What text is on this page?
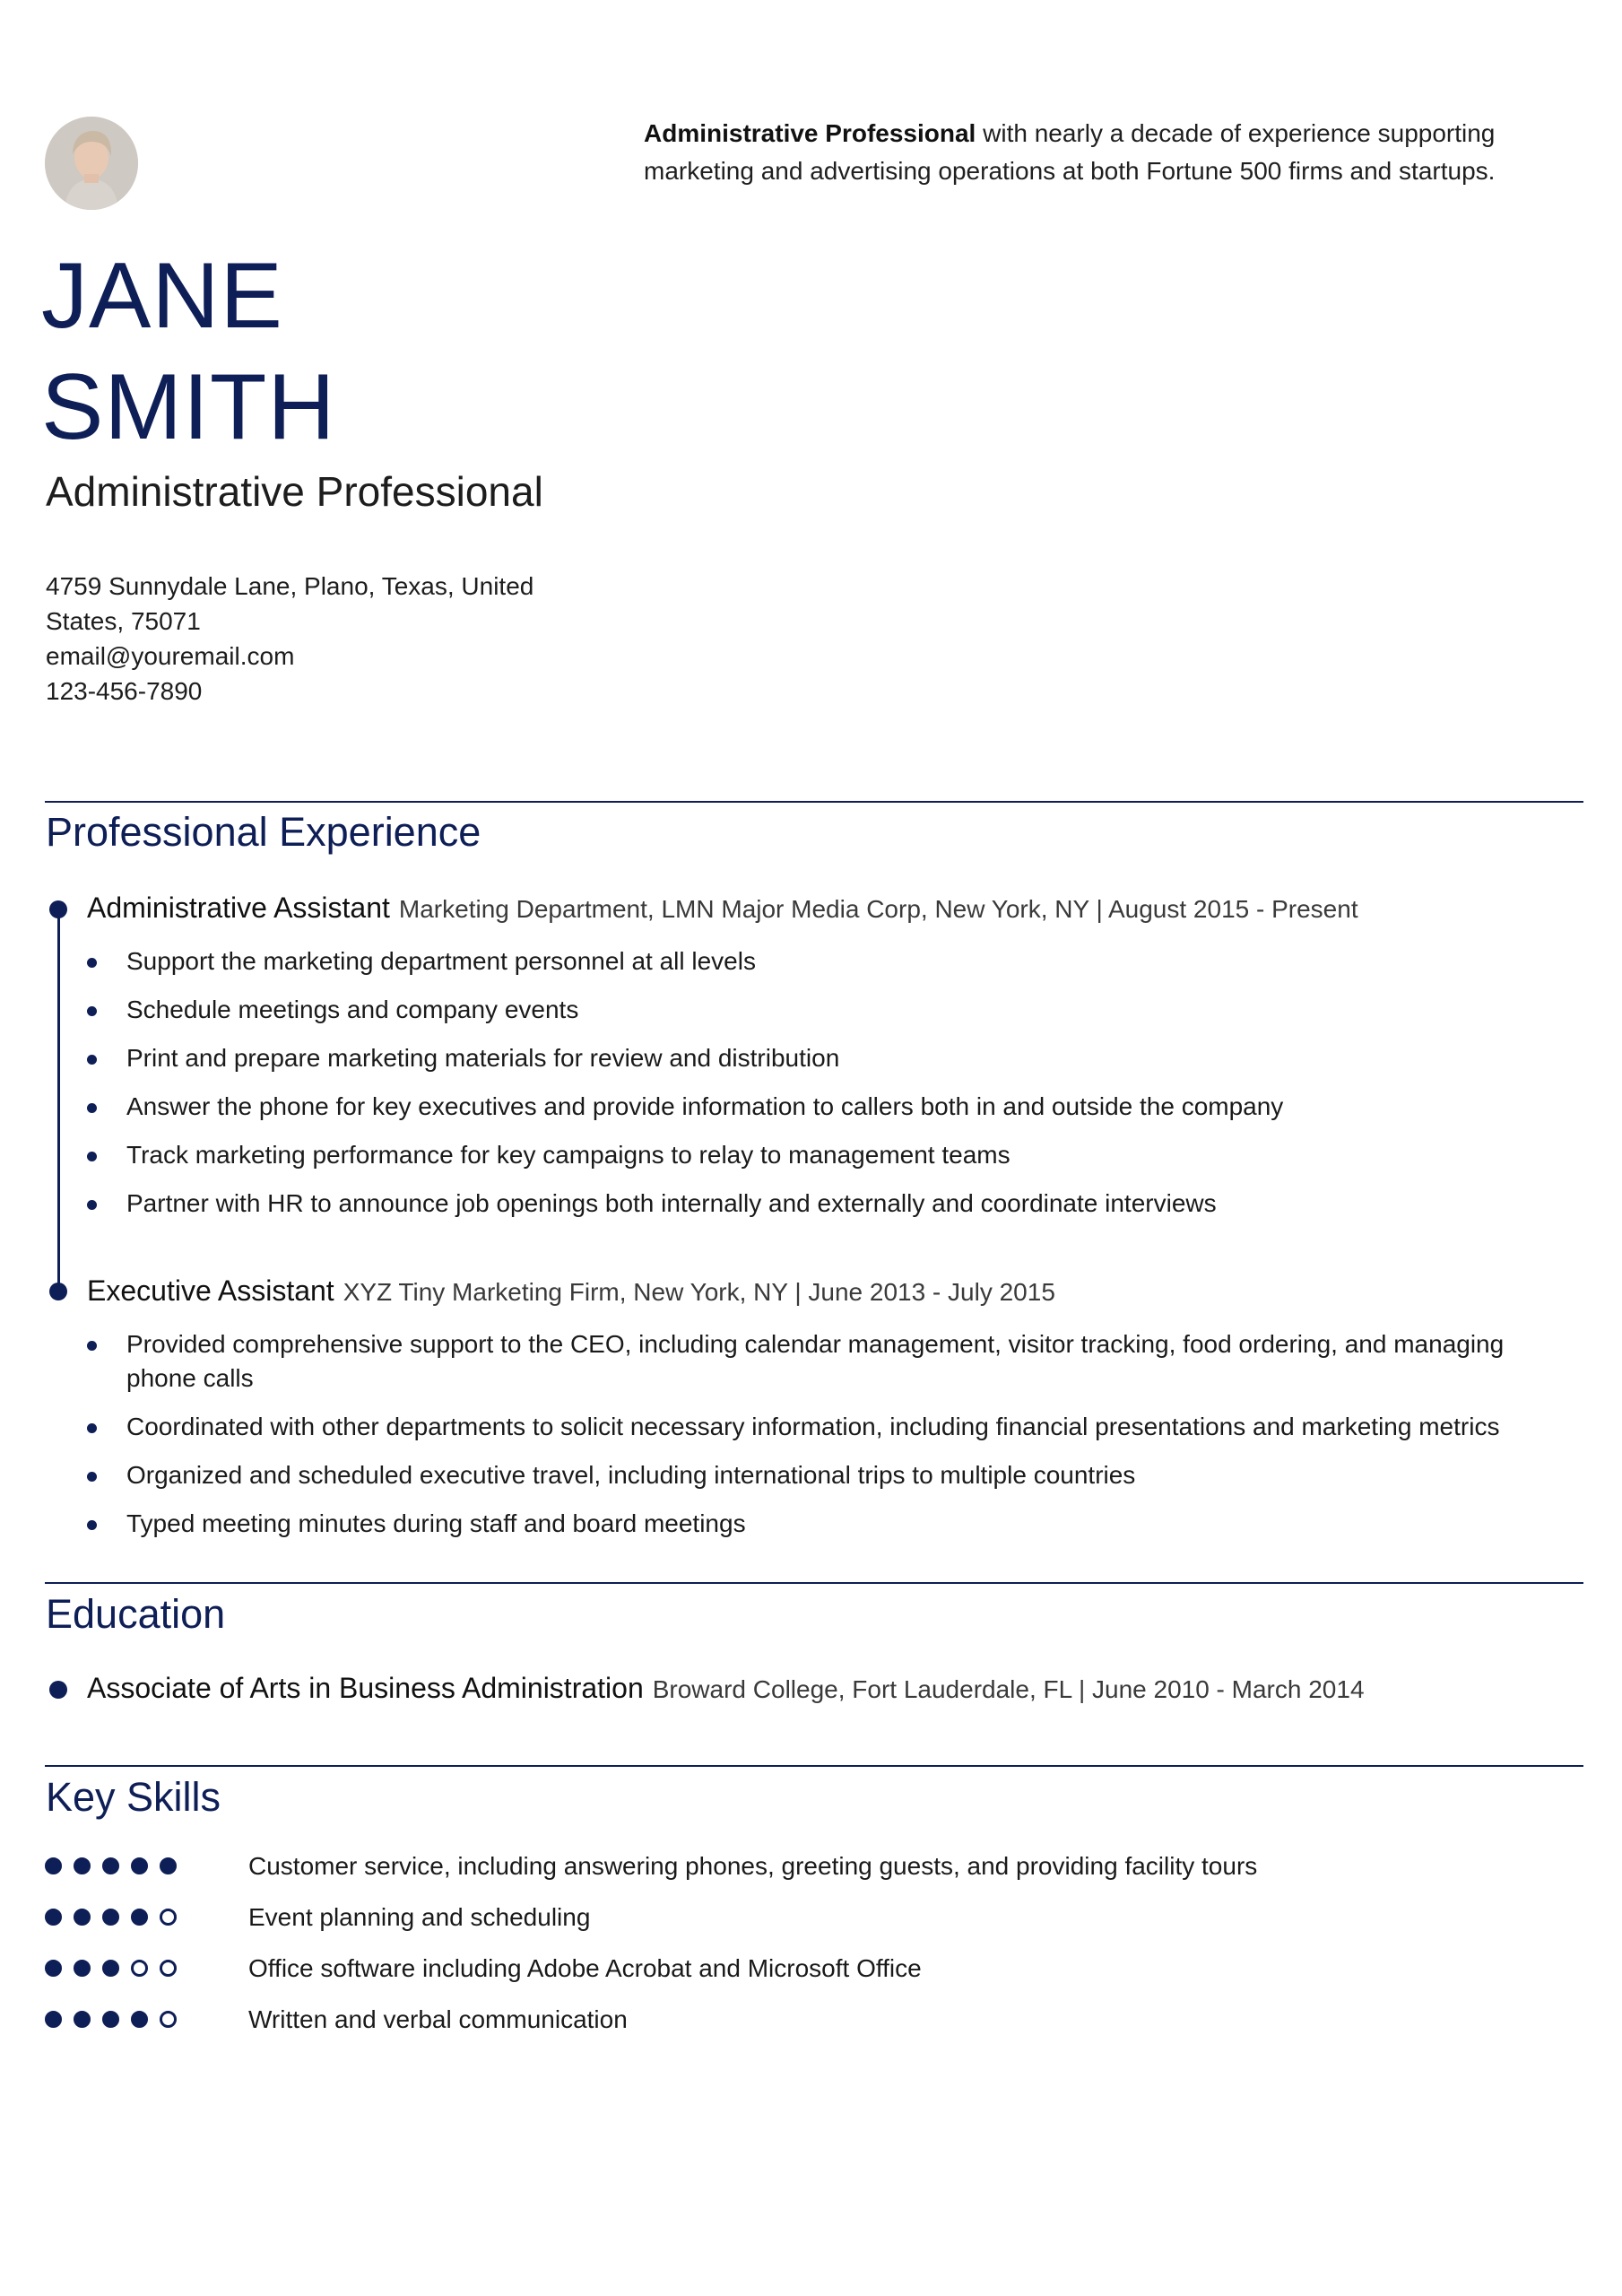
Administrative Professional with nearly a decade of experience supporting marketing and advertising operations at both Fortune 500 firms and startups.
JANE
SMITH
Administrative Professional
4759 Sunnydale Lane, Plano, Texas, United States, 75071
email@youremail.com
123-456-7890
Professional Experience
Administrative Assistant Marketing Department, LMN Major Media Corp, New York, NY | August 2015 - Present
Support the marketing department personnel at all levels
Schedule meetings and company events
Print and prepare marketing materials for review and distribution
Answer the phone for key executives and provide information to callers both in and outside the company
Track marketing performance for key campaigns to relay to management teams
Partner with HR to announce job openings both internally and externally and coordinate interviews
Executive Assistant XYZ Tiny Marketing Firm, New York, NY | June 2013 - July 2015
Provided comprehensive support to the CEO, including calendar management, visitor tracking, food ordering, and managing phone calls
Coordinated with other departments to solicit necessary information, including financial presentations and marketing metrics
Organized and scheduled executive travel, including international trips to multiple countries
Typed meeting minutes during staff and board meetings
Education
Associate of Arts in Business Administration Broward College, Fort Lauderdale, FL | June 2010 - March 2014
Key Skills
Customer service, including answering phones, greeting guests, and providing facility tours
Event planning and scheduling
Office software including Adobe Acrobat and Microsoft Office
Written and verbal communication
